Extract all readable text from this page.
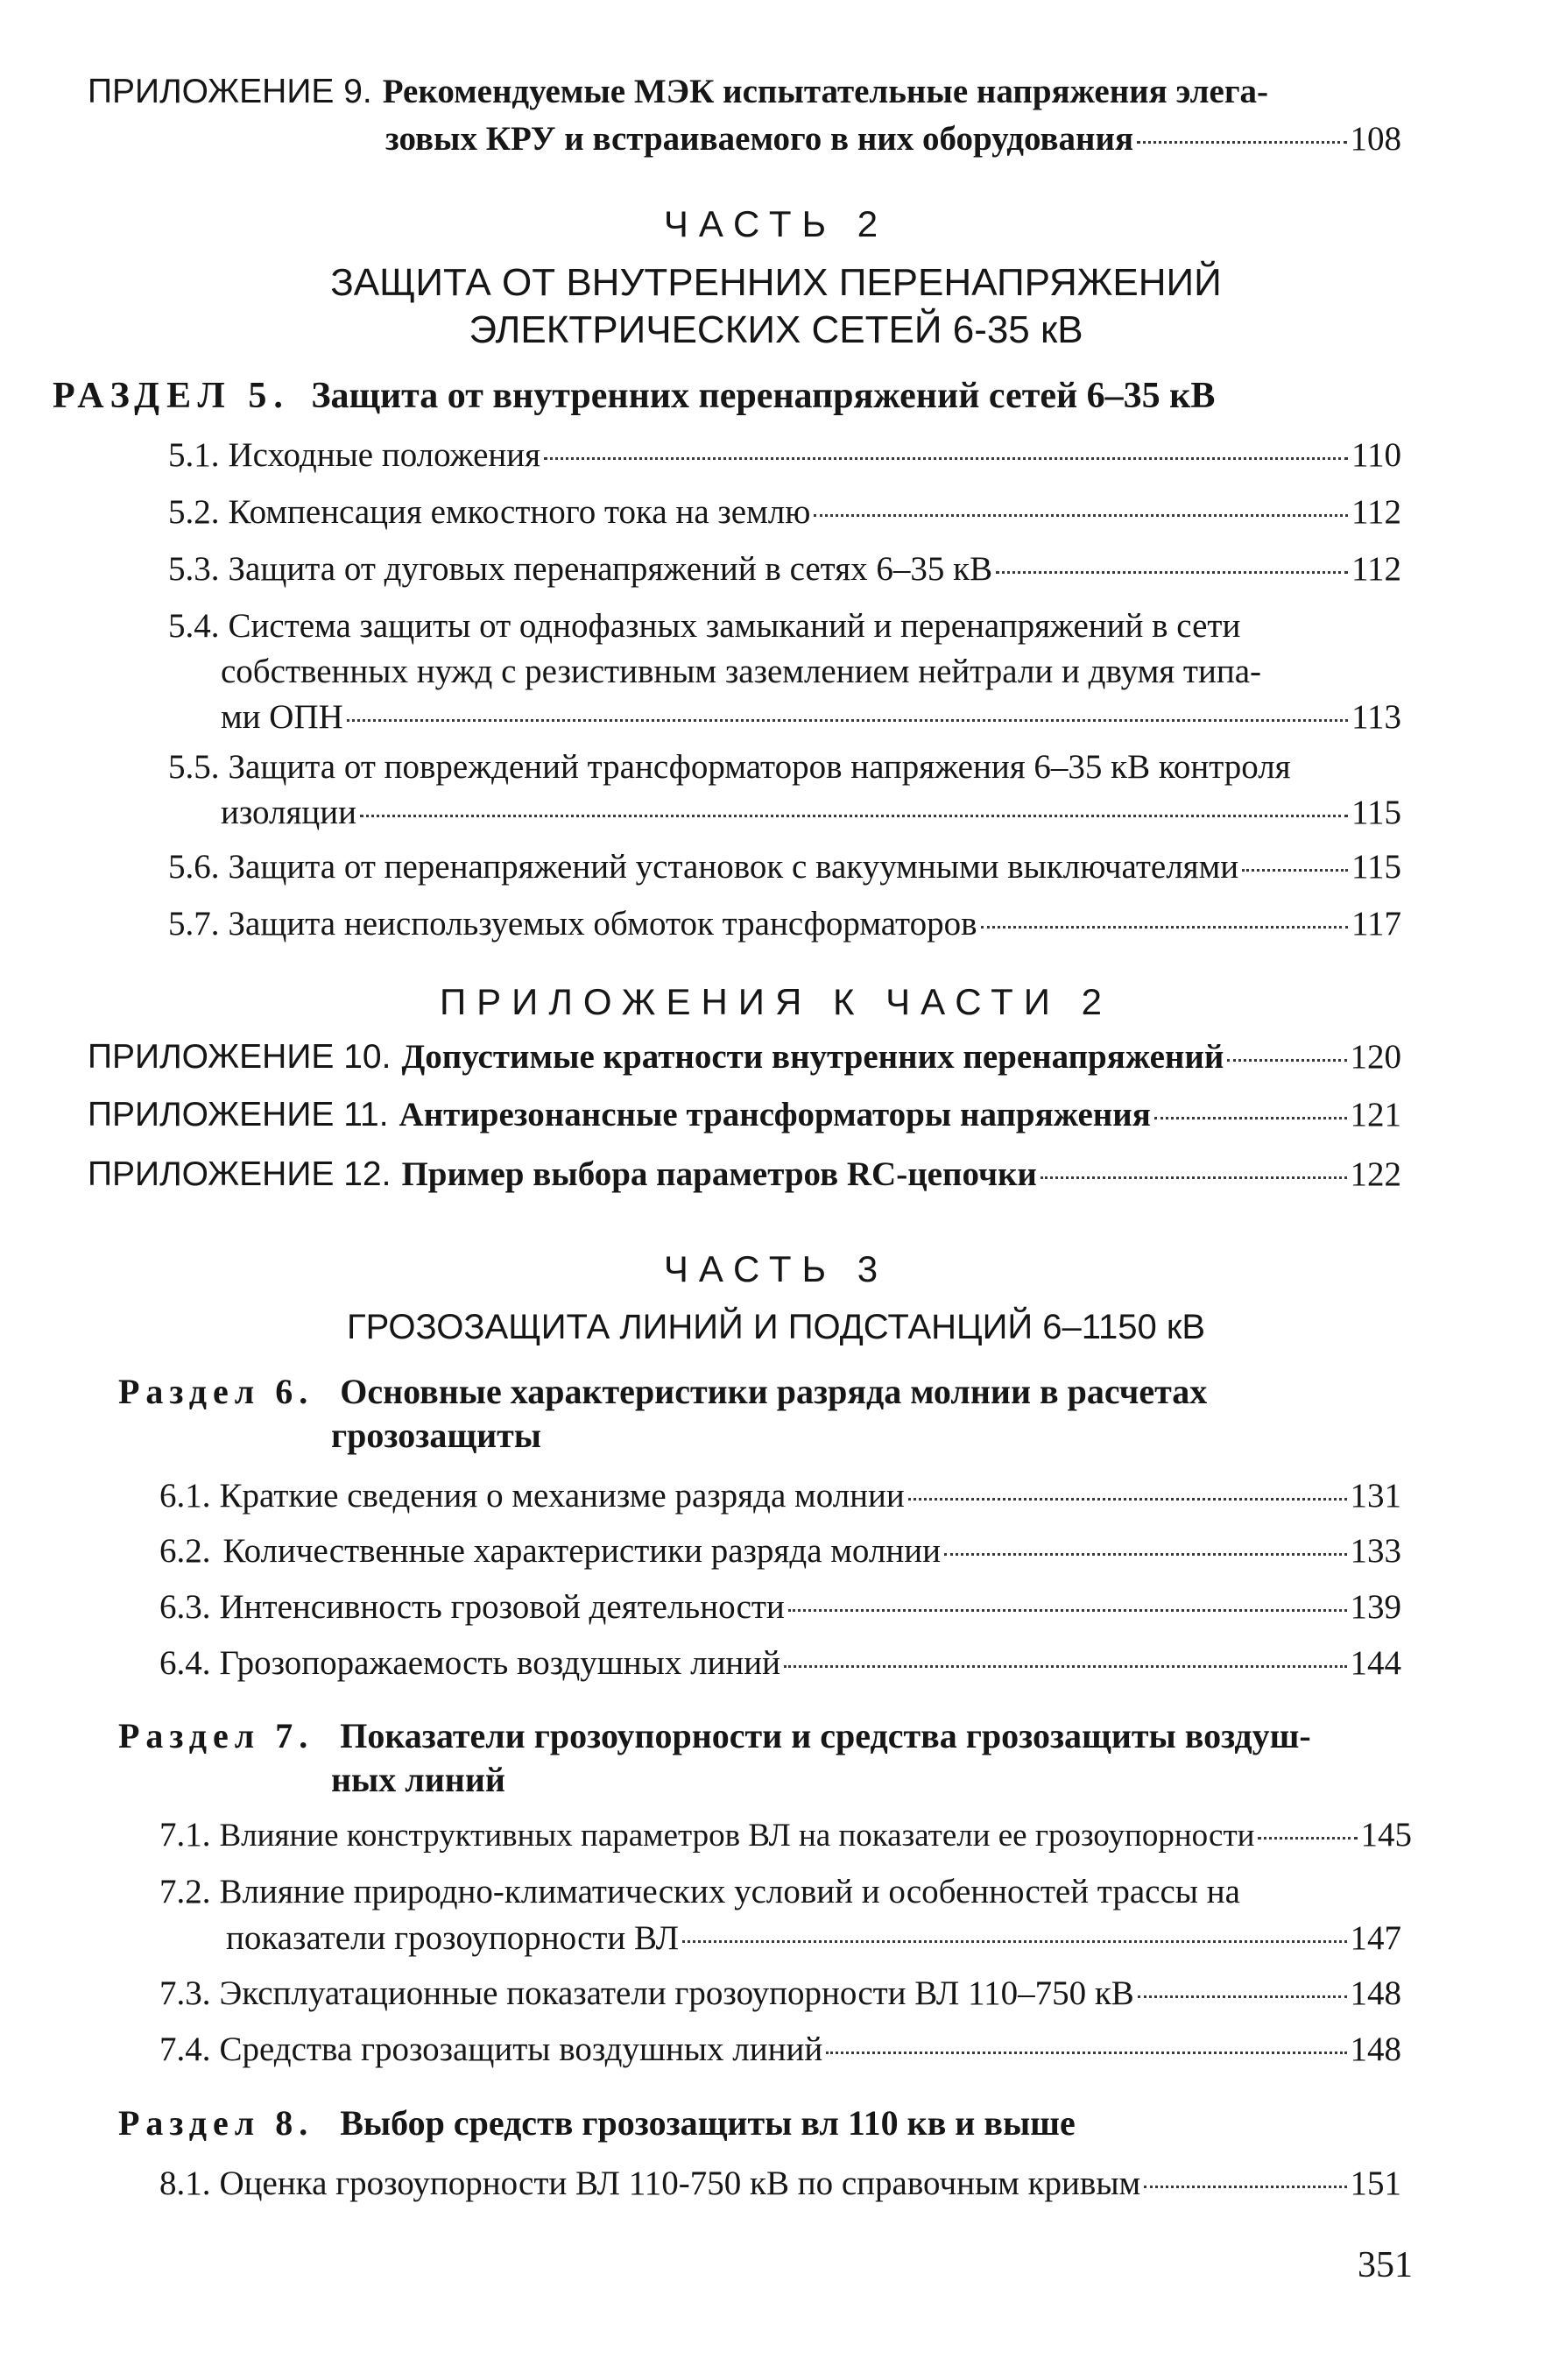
ПРИЛОЖЕНИЕ 9. Рекомендуемые МЭК испытательные напряжения элега-
зовых КРУ и встраиваемого в них оборудования	108
ЧАСТЬ 2
ЗАЩИТА ОТ ВНУТРЕННИХ ПЕРЕНАПРЯЖЕНИЙ
ЭЛЕКТРИЧЕСКИХ СЕТЕЙ 6-35 кВ
РАЗДЕЛ 5. Защита от внутренних перенапряжений сетей 6–35 кВ
5.1. Исходные положения	110
5.2. Компенсация емкостного тока на землю	112
5.3. Защита от дуговых перенапряжений в сетях 6–35 кВ	112
5.4. Система защиты от однофазных замыканий и перенапряжений в сети
собственных нужд с резистивным заземлением нейтрали и двумя типа-
ми ОПН	113
5.5. Защита от повреждений трансформаторов напряжения 6–35 кВ контроля
изоляции	115
5.6. Защита от перенапряжений установок с вакуумными выключателями	115
5.7. Защита неиспользуемых обмоток трансформаторов	117
ПРИЛОЖЕНИЯ К ЧАСТИ 2
ПРИЛОЖЕНИЕ 10. Допустимые кратности внутренних перенапряжений	120
ПРИЛОЖЕНИЕ 11. Антирезонансные трансформаторы напряжения	121
ПРИЛОЖЕНИЕ 12. Пример выбора параметров RC-цепочки	122
ЧАСТЬ 3
ГРОЗОЗАЩИТА ЛИНИЙ И ПОДСТАНЦИЙ 6–1150 кВ
Раздел 6. Основные характеристики разряда молнии в расчетах
грозозащиты
6.1. Краткие сведения о механизме разряда молнии	131
6.2. Количественные характеристики разряда молнии	133
6.3. Интенсивность грозовой деятельности	139
6.4. Грозопоражаемость воздушных линий	144
Раздел 7. Показатели грозоупорности и средства грозозащиты воздуш-
ных линий
7.1. Влияние конструктивных параметров ВЛ на показатели ее грозоупорности	145
7.2. Влияние природно-климатических условий и особенностей трассы на
показатели грозоупорности ВЛ	147
7.3. Эксплуатационные показатели грозоупорности ВЛ 110–750 кВ	148
7.4. Средства грозозащиты воздушных линий	148
Раздел 8. Выбор средств грозозащиты вл 110 кв и выше
8.1. Оценка грозоупорности ВЛ 110-750 кВ по справочным кривым	151
351
